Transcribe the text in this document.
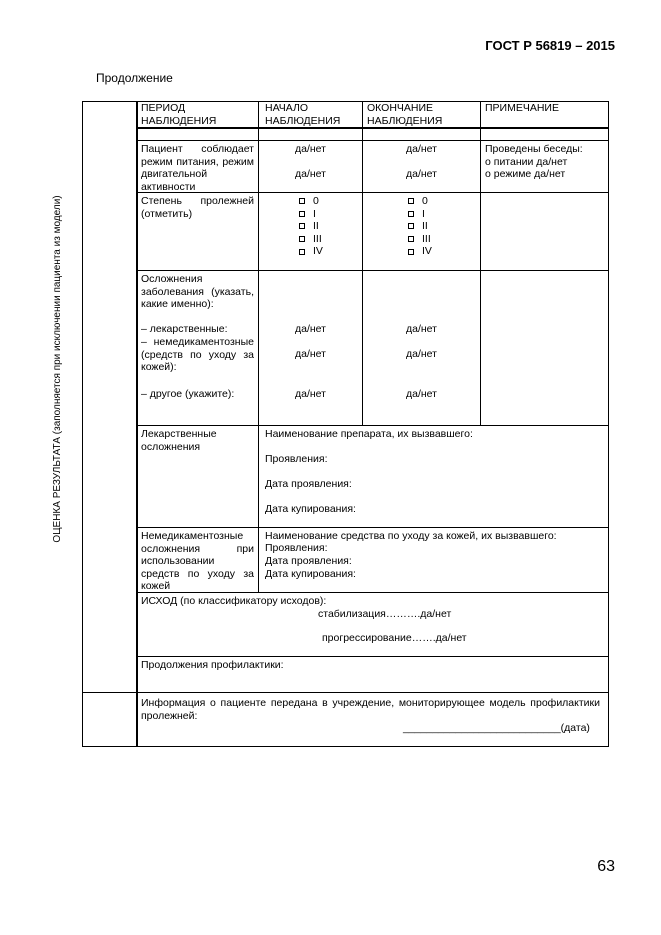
ГОСТ Р 56819 – 2015
Продолжение
ОЦЕНКА РЕЗУЛЬТАТА (заполняется при исключении пациента из модели)
ПЕРИОД
НАБЛЮДЕНИЯ
НАЧАЛО
НАБЛЮДЕНИЯ
ОКОНЧАНИЕ
НАБЛЮДЕНИЯ
ПРИМЕЧАНИЕ
Пациент соблюдает режим питания, режим двигательной активности
да/нет
да/нет
да/нет
да/нет
Проведены беседы:
о питании да/нет
о режиме да/нет
Степень пролежней (отметить)
0
I
II
III
IV
0
I
II
III
IV
Осложнения заболевания (указать, какие именно):
– лекарственные:
– немедикаментозные (средств по уходу за кожей):
– другое (укажите):
да/нет
да/нет
да/нет
да/нет
да/нет
да/нет
Лекарственные осложнения
Наименование препарата, их вызвавшего:
Проявления:
Дата проявления:
Дата купирования:
Немедикаментозные осложнения при использовании средств по уходу за кожей
Наименование средства по уходу за кожей, их вызвавшего:
Проявления:
Дата проявления:
Дата купирования:
ИСХОД (по классификатору исходов):
стабилизация……….да/нет
прогрессирование…….да/нет
Продолжения профилактики:
Информация о пациенте передана в учреждение, мониторирующее модель профилактики пролежней:
___________________________(дата)
63
